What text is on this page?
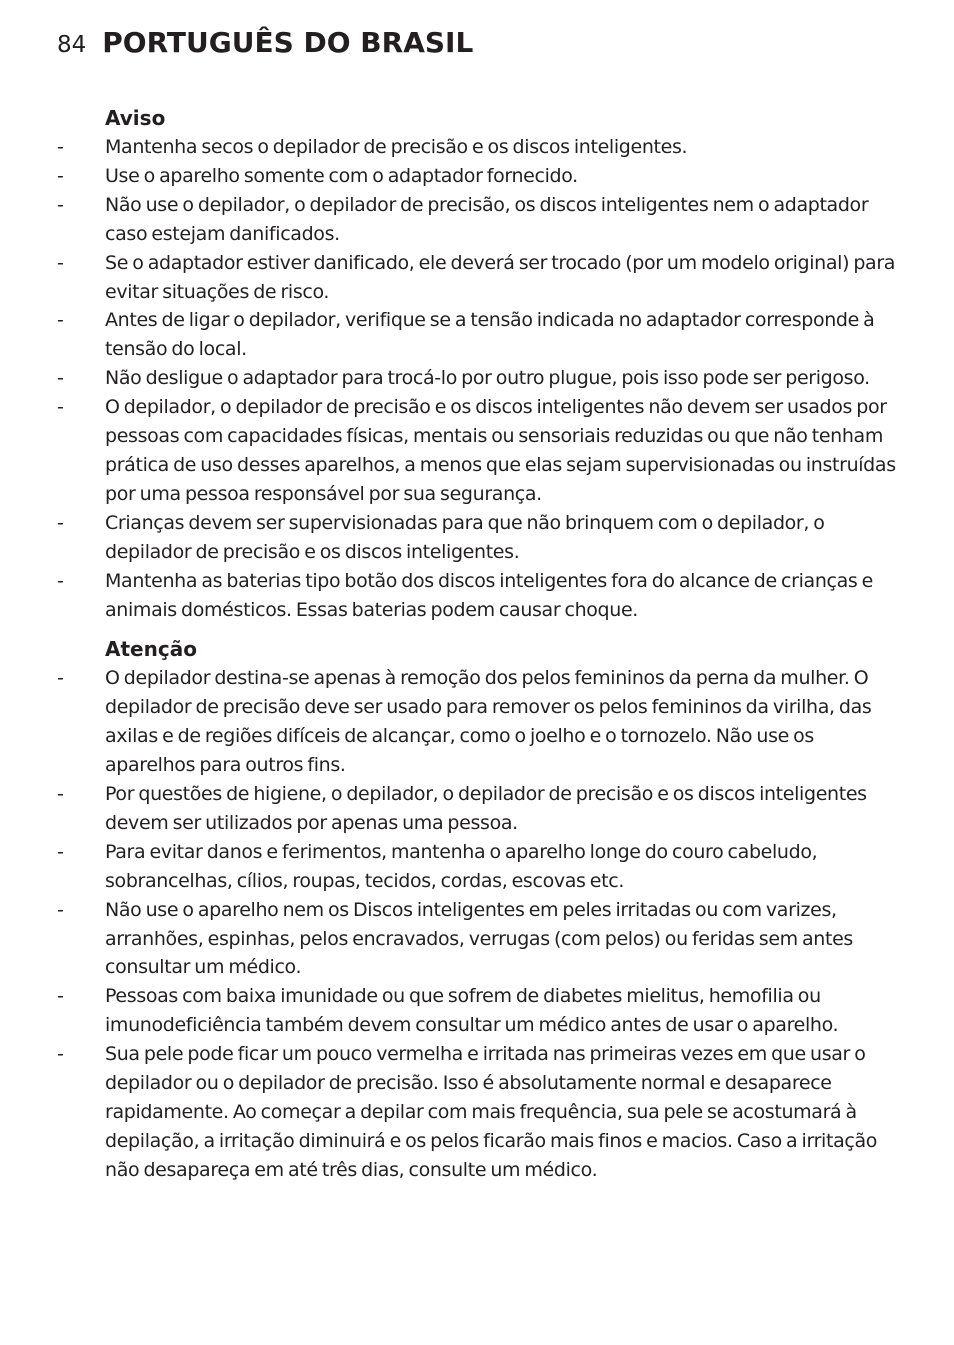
84 PORTUGUÊS DO BRASIL
Aviso
-	Mantenha secos o depilador de precisão e os discos inteligentes.
-	Use o aparelho somente com o adaptador fornecido.
-	Não use o depilador, o depilador de precisão, os discos inteligentes nem o adaptador caso estejam danificados.
-	Se o adaptador estiver danificado, ele deverá ser trocado (por um modelo original) para evitar situações de risco.
-	Antes de ligar o depilador, verifique se a tensão indicada no adaptador corresponde à tensão do local.
-	Não desligue o adaptador para trocá-lo por outro plugue, pois isso pode ser perigoso.
-	O depilador, o depilador de precisão e os discos inteligentes não devem ser usados por pessoas com capacidades físicas, mentais ou sensoriais reduzidas ou que não tenham prática de uso desses aparelhos, a menos que elas sejam supervisionadas ou instruídas por uma pessoa responsável por sua segurança.
-	Crianças devem ser supervisionadas para que não brinquem com o depilador, o depilador de precisão e os discos inteligentes.
-	Mantenha as baterias tipo botão dos discos inteligentes fora do alcance de crianças e animais domésticos. Essas baterias podem causar choque.
Atenção
-	O depilador destina-se apenas à remoção dos pelos femininos da perna da mulher. O depilador de precisão deve ser usado para remover os pelos femininos da virilha, das axilas e de regiões difíceis de alcançar, como o joelho e o tornozelo. Não use os aparelhos para outros fins.
-	Por questões de higiene, o depilador, o depilador de precisão e os discos inteligentes devem ser utilizados por apenas uma pessoa.
-	Para evitar danos e ferimentos, mantenha o aparelho longe do couro cabeludo, sobrancelhas, cílios, roupas, tecidos, cordas, escovas etc.
-	Não use o aparelho nem os Discos inteligentes em peles irritadas ou com varizes, arranhões, espinhas, pelos encravados, verrugas (com pelos) ou feridas sem antes consultar um médico.
-	Pessoas com baixa imunidade ou que sofrem de diabetes mielitus, hemofilia ou imunodeficiência também devem consultar um médico antes de usar o aparelho.
-	Sua pele pode ficar um pouco vermelha e irritada nas primeiras vezes em que usar o depilador ou o depilador de precisão. Isso é absolutamente normal e desaparece rapidamente. Ao começar a depilar com mais frequência, sua pele se acostumará à depilação, a irritação diminuirá e os pelos ficarão mais finos e macios. Caso a irritação não desapareça em até três dias, consulte um médico.
